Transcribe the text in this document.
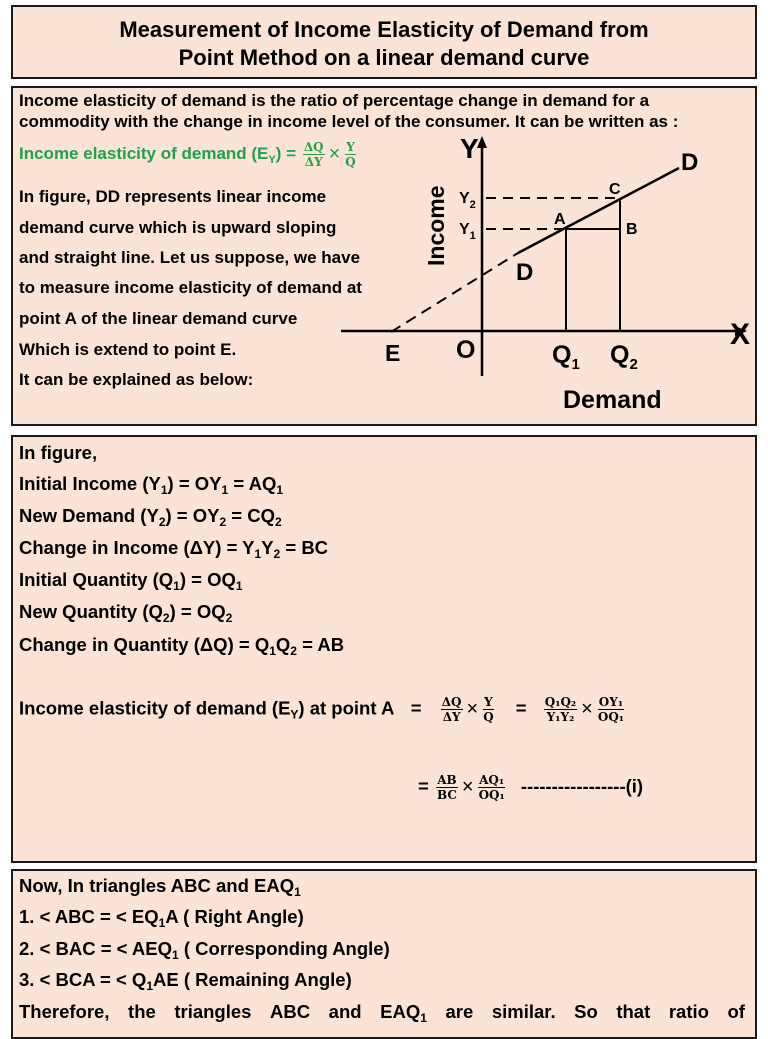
Measurement of Income Elasticity of Demand from
Point Method on a linear demand curve
Income elasticity of demand is the ratio of percentage change in demand for a
commodity with the change in income level of the consumer. It can be written as :
Income elasticity of demand $(E_Y) = \frac{\Delta Q}{\Delta Y} \times \frac{Y}{Q}$
In figure, DD represents linear income
demand curve which is upward sloping
and straight line. Let us suppose, we have
to measure income elasticity of demand at
point A of the linear demand curve
Which is extend to point E.
It can be explained as below:
Y
X
Income
Demand
O
E
A
B
C
D
D
$Y_2$
$Y_1$
$Q_1$ $Q_2$
In figure,
Initial Income $(Y_1) = OY_1 = AQ_1$
New Demand $(Y_2) = OY_2 = CQ_2$
Change in Income $(\Delta Y) = Y_1Y_2$ = BC
Initial Quantity $(Q_1) = OQ_1$
New Quantity $(Q_2) = OQ_2$
Change in Quantity $(\Delta Q) = Q_1Q_2$ = AB
Income elasticity of demand $(E_Y)$ at point $A = \frac{\Delta Q}{\Delta Y} \times \frac{Y}{Q} = \frac{\text{Q₁Q₂}}{\text{Y₁Y₂}} \times \frac{\text{OY₁}}{\text{OQ₁}}$
= $\frac{AB}{BC} \times \frac{\text{AQ₁}}{\text{OQ₁}} -----------------(i)$
Now, In triangles ABC and $EAQ_1$
1. < ABC = < $EQ_1A$ ( Right Angle)
2. < BAC = < $AEQ_1$ ( Corresponding Angle)
3. < BCA = < $Q_1AE$ ( Remaining Angle)
Therefore, the triangles ABC and $EAQ_1$ are similar. So that ratio of
